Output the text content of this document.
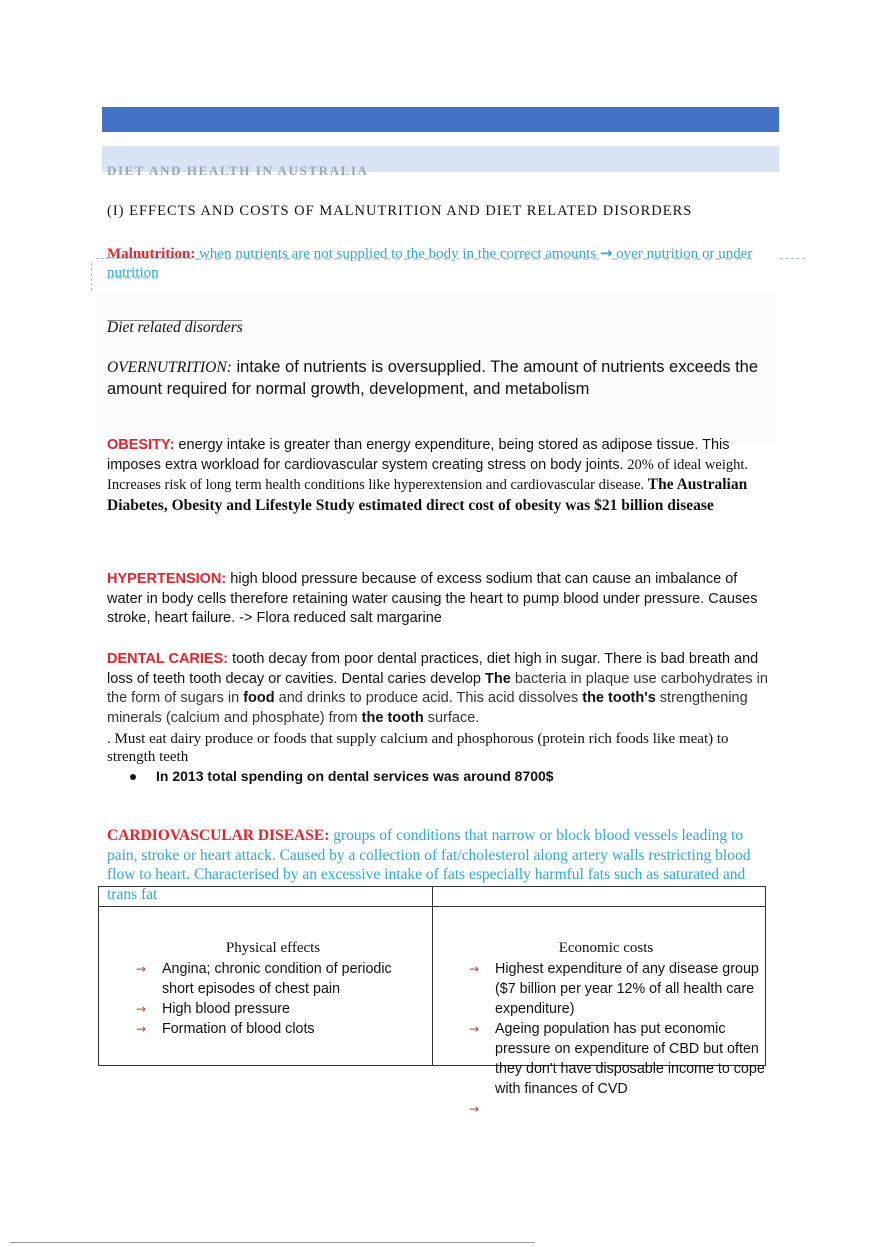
DIET AND HEALTH IN AUSTRALIA
(I) EFFECTS AND COSTS OF MALNUTRITION AND DIET RELATED DISORDERS
Malnutrition: when nutrients are not supplied to the body in the correct amounts → over nutrition or under nutrition
Diet related disorders
OVERNUTRITION: intake of nutrients is oversupplied. The amount of nutrients exceeds the amount required for normal growth, development, and metabolism
OBESITY: energy intake is greater than energy expenditure, being stored as adipose tissue. This imposes extra workload for cardiovascular system creating stress on body joints. 20% of ideal weight. Increases risk of long term health conditions like hyperextension and cardiovascular disease. The Australian Diabetes, Obesity and Lifestyle Study estimated direct cost of obesity was $21 billion disease
HYPERTENSION: high blood pressure because of excess sodium that can cause an imbalance of water in body cells therefore retaining water causing the heart to pump blood under pressure. Causes stroke, heart failure. -> Flora reduced salt margarine
DENTAL CARIES: tooth decay from poor dental practices, diet high in sugar. There is bad breath and loss of teeth tooth decay or cavities. Dental caries develop The bacteria in plaque use carbohydrates in the form of sugars in food and drinks to produce acid. This acid dissolves the tooth's strengthening minerals (calcium and phosphate) from the tooth surface.
. Must eat dairy produce or foods that supply calcium and phosphorous (protein rich foods like meat) to strength teeth
In 2013 total spending on dental services was around 8700$
CARDIOVASCULAR DISEASE: groups of conditions that narrow or block blood vessels leading to pain, stroke or heart attack. Caused by a collection of fat/cholesterol along artery walls restricting blood flow to heart. Characterised by an excessive intake of fats especially harmful fats such as saturated and trans fat
Physical effects	Economic costs
→ Angina; chronic condition of periodic short episodes of chest pain
→ High blood pressure
→ Formation of blood clots
→ Highest expenditure of any disease group ($7 billion per year 12% of all health care expenditure)
→ Ageing population has put economic pressure on expenditure of CBD but often they don't have disposable income to cope with finances of CVD
→
